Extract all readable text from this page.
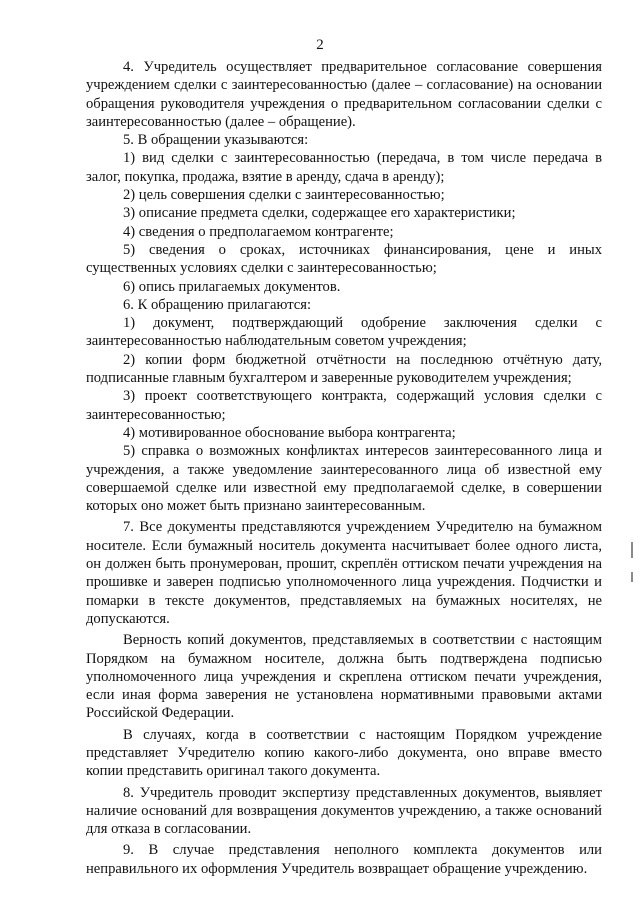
2

4. Учредитель осуществляет предварительное согласование совершения учреждением сделки с заинтересованностью (далее – согласование) на основании обращения руководителя учреждения о предварительном согласовании сделки с заинтересованностью (далее – обращение).

5. В обращении указываются:

1) вид сделки с заинтересованностью (передача, в том числе передача в залог, покупка, продажа, взятие в аренду, сдача в аренду);

2) цель совершения сделки с заинтересованностью;

3) описание предмета сделки, содержащее его характеристики;

4) сведения о предполагаемом контрагенте;

5) сведения о сроках, источниках финансирования, цене и иных существенных условиях сделки с заинтересованностью;

6) опись прилагаемых документов.

6. К обращению прилагаются:

1) документ, подтверждающий одобрение заключения сделки с заинтересованностью наблюдательным советом учреждения;

2) копии форм бюджетной отчётности на последнюю отчётную дату, подписанные главным бухгалтером и заверенные руководителем учреждения;

3) проект соответствующего контракта, содержащий условия сделки с заинтересованностью;

4) мотивированное обоснование выбора контрагента;

5) справка о возможных конфликтах интересов заинтересованного лица и учреждения, а также уведомление заинтересованного лица об известной ему совершаемой сделке или известной ему предполагаемой сделке, в совершении которых оно может быть признано заинтересованным.

7. Все документы представляются учреждением Учредителю на бумажном носителе. Если бумажный носитель документа насчитывает более одного листа, он должен быть пронумерован, прошит, скреплён оттиском печати учреждения на прошивке и заверен подписью уполномоченного лица учреждения. Подчистки и помарки в тексте документов, представляемых на бумажных носителях, не допускаются.

Верность копий документов, представляемых в соответствии с настоящим Порядком на бумажном носителе, должна быть подтверждена подписью уполномоченного лица учреждения и скреплена оттиском печати учреждения, если иная форма заверения не установлена нормативными правовыми актами Российской Федерации.

В случаях, когда в соответствии с настоящим Порядком учреждение представляет Учредителю копию какого-либо документа, оно вправе вместо копии представить оригинал такого документа.

8. Учредитель проводит экспертизу представленных документов, выявляет наличие оснований для возвращения документов учреждению, а также оснований для отказа в согласовании.

9. В случае представления неполного комплекта документов или неправильного их оформления Учредитель возвращает обращение учреждению.
